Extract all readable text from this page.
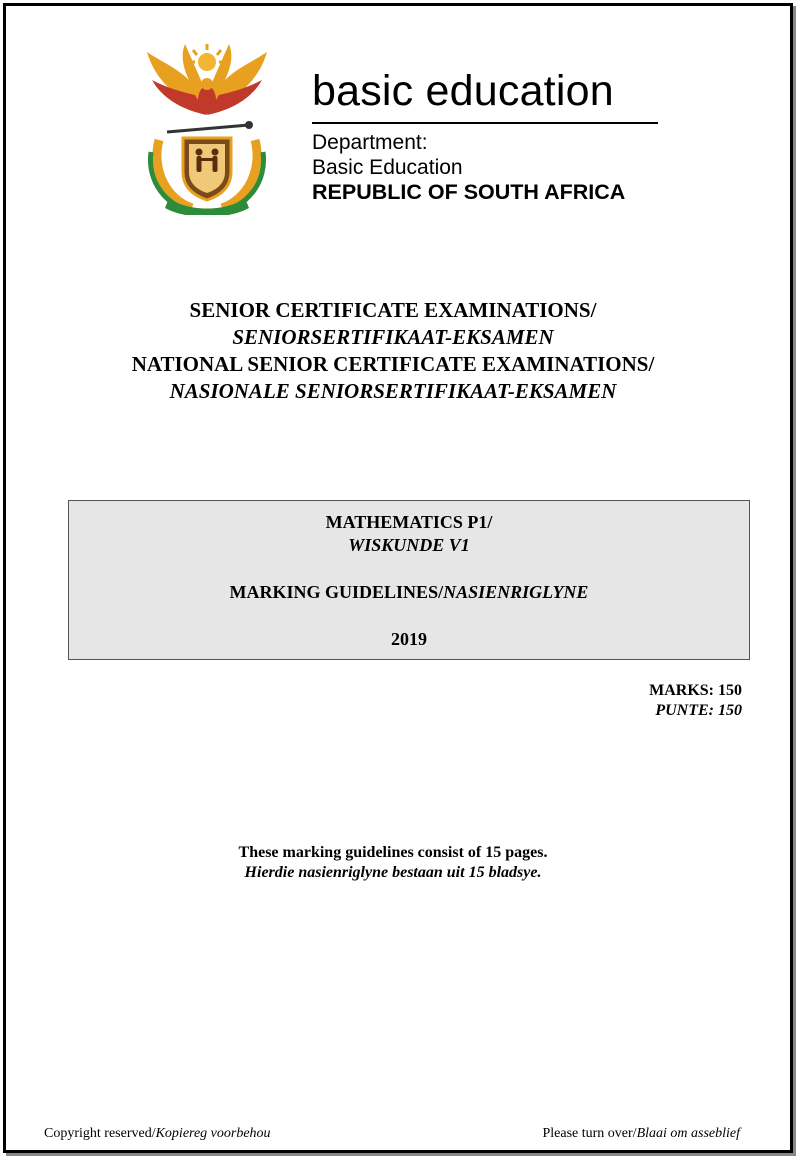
basic education
Department:
Basic Education
REPUBLIC OF SOUTH AFRICA
SENIOR CERTIFICATE EXAMINATIONS/
SENIORSERTIFIKAAT-EKSAMEN
NATIONAL SENIOR CERTIFICATE EXAMINATIONS/
NASIONALE SENIORSERTIFIKAAT-EKSAMEN
MATHEMATICS P1/
WISKUNDE V1
MARKING GUIDELINES/NASIENRIGLYNE
2019
MARKS: 150
PUNTE: 150
These marking guidelines consist of 15 pages.
Hierdie nasienriglyne bestaan uit 15 bladsye.
Copyright reserved/Kopiereg voorbehou	Please turn over/Blaai om asseblief
